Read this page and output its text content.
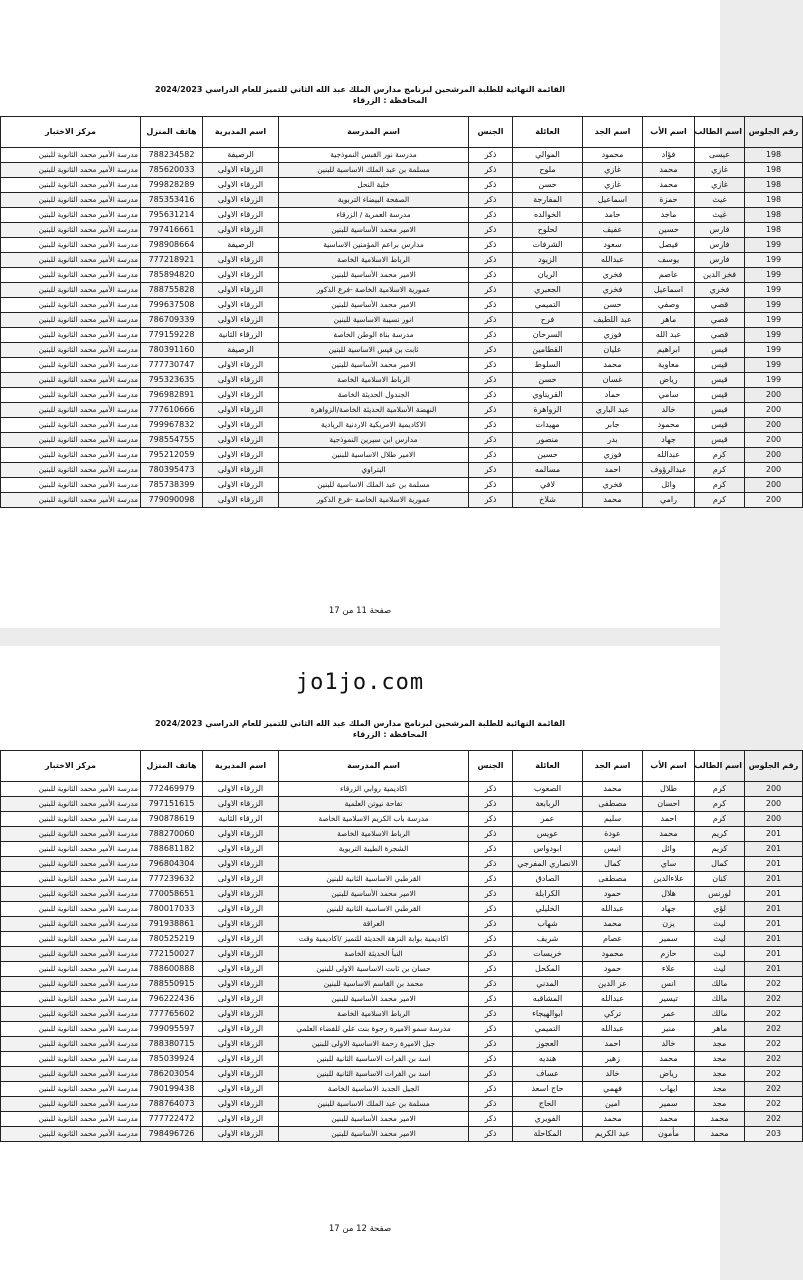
القائمة النهائية للطلبة المرشحين لبرنامج مدارس الملك عبد الله الثاني للتميز للعام الدراسي 2024/2023
المحافظة : الزرقاء
رقم الجلوس	اسم الطالب	اسم الأب	اسم الجد	العائلة	الجنس	اسم المدرسة	اسم المديرية	هاتف المنزل	مركز الاختبار
198	عيسى	فؤاد	محمود	الموالي	ذكر	مدرسة نور القبس النموذجية	الرصيفة	788234582	مدرسة الأمير محمد الثانوية للبنين
198	غازي	محمد	غازي	ملوح	ذكر	مسلمة بن عبد الملك الاساسية للبنين	الزرقاء الاولى	785620033	مدرسة الأمير محمد الثانوية للبنين
198	غازي	محمد	غازي	حسن	ذكر	خلية النحل	الزرقاء الاولى	799828289	مدرسة الأمير محمد الثانوية للبنين
198	غيث	حمزة	اسماعيل	المفارجة	ذكر	الصفحة البيضاء التربوية	الزرقاء الاولى	785353416	مدرسة الأمير محمد الثانوية للبنين
198	غيث	ماجد	حامد	الخوالده	ذكر	مدرسة العمرية / الزرقاء	الزرقاء الاولى	795631214	مدرسة الأمير محمد الثانوية للبنين
198	فارس	حسين	عفيف	لحلوح	ذكر	الامير محمد الأساسية للبنين	الزرقاء الاولى	797416661	مدرسة الأمير محمد الثانوية للبنين
199	فارس	فيصل	سعود	الشرفات	ذكر	مدارس براعم المؤمنين الاساسية	الرصيفة	798908664	مدرسة الأمير محمد الثانوية للبنين
199	فارس	يوسف	عبدالله	الزيود	ذكر	الرباط الاسلامية الخاصة	الزرقاء الاولى	777218921	مدرسة الأمير محمد الثانوية للبنين
199	فخر الدين	عاصم	فخري	الريان	ذكر	الامير محمد الأساسية للبنين	الزرقاء الاولى	785894820	مدرسة الأمير محمد الثانوية للبنين
199	فخري	اسماعيل	فخري	الجعبري	ذكر	عمورية الاسلامية الخاصة -فرع الذكور	الزرقاء الاولى	788755828	مدرسة الأمير محمد الثانوية للبنين
199	قصي	وصفي	حسن	التميمي	ذكر	الامير محمد الأساسية للبنين	الزرقاء الاولى	799637508	مدرسة الأمير محمد الثانوية للبنين
199	قصي	ماهر	عبد اللطيف	فرح	ذكر	انور نسيبة الاساسية للبنين	الزرقاء الاولى	786709339	مدرسة الأمير محمد الثانوية للبنين
199	قصي	عبد الله	فوزي	السرحان	ذكر	مدرسة بناة الوطن الخاصة	الزرقاء الثانية	779159228	مدرسة الأمير محمد الثانوية للبنين
199	قيس	ابراهيم	عليان	القطامين	ذكر	ثابت بن قيس الاساسية للبنين	الرصيفة	780391160	مدرسة الأمير محمد الثانوية للبنين
199	قيس	معاوية	محمد	السلوط	ذكر	الامير محمد الأساسية للبنين	الزرقاء الاولى	777730747	مدرسة الأمير محمد الثانوية للبنين
199	قيس	رياض	غسان	حسن	ذكر	الرباط الاسلامية الخاصة	الزرقاء الاولى	795323635	مدرسة الأمير محمد الثانوية للبنين
200	قيس	سامي	حماد	القريناوي	ذكر	الجندول الحديثة الخاصة	الزرقاء الاولى	796982891	مدرسة الأمير محمد الثانوية للبنين
200	قيس	خالد	عبد الباري	الزواهرة	ذكر	النهضة الأسلامية الحديثة الخاصة/الزواهرة	الزرقاء الاولى	777610666	مدرسة الأمير محمد الثانوية للبنين
200	قيس	محمود	جابر	مهيدات	ذكر	الاكاديمية الامريكية الاردنية الريادية	الزرقاء الاولى	799967832	مدرسة الأمير محمد الثانوية للبنين
200	قيس	جهاد	بدر	منصور	ذكر	مدارس ابن سيرين النموذجية	الزرقاء الاولى	798554755	مدرسة الأمير محمد الثانوية للبنين
200	كرم	عبدالله	فوزي	حسين	ذكر	الامير طلال الاساسية للبنين	الزرقاء الاولى	795212059	مدرسة الأمير محمد الثانوية للبنين
200	كرم	عبدالرؤوف	احمد	مسالمه	ذكر	البتراوي	الزرقاء الاولى	780395473	مدرسة الأمير محمد الثانوية للبنين
200	كرم	وائل	فخري	لافي	ذكر	مسلمة بن عبد الملك الاساسية للبنين	الزرقاء الاولى	785738399	مدرسة الأمير محمد الثانوية للبنين
200	كرم	رامي	محمد	شلاخ	ذكر	عمورية الاسلامية الخاصة -فرع الذكور	الزرقاء الاولى	779090098	مدرسة الأمير محمد الثانوية للبنين
صفحة 11 من 17
jo1jo.com
القائمة النهائية للطلبة المرشحين لبرنامج مدارس الملك عبد الله الثاني للتميز للعام الدراسي 2024/2023
المحافظة : الزرقاء
رقم الجلوس	اسم الطالب	اسم الأب	اسم الجد	العائلة	الجنس	اسم المدرسة	اسم المديرية	هاتف المنزل	مركز الاختبار
200	كرم	طلال	محمد	الصعوب	ذكر	اكاديمية روابي الزرقاء	الزرقاء الاولى	772469979	مدرسة الأمير محمد الثانوية للبنين
200	كرم	احسان	مصطفى	الربابعة	ذكر	تفاحة نيوتن العلمية	الزرقاء الاولى	797151615	مدرسة الأمير محمد الثانوية للبنين
200	كرم	احمد	سليم	عمر	ذكر	مدرسة باب الكريم الاسلامية الخاصة	الزرقاء الثانية	790878619	مدرسة الأمير محمد الثانوية للبنين
201	كريم	محمد	عودة	عويس	ذكر	الرباط الاسلامية الخاصة	الزرقاء الاولى	788270060	مدرسة الأمير محمد الثانوية للبنين
201	كريم	وائل	انيس	ابودواس	ذكر	الشجرة الطيبة التربوية	الزرقاء الاولى	788681182	مدرسة الأمير محمد الثانوية للبنين
201	كمال	ساي	كمال	الانصاري المفرجي	ذكر		الزرقاء الاولى	796804304	مدرسة الأمير محمد الثانوية للبنين
201	كنان	علاءالدين	مصطفى	الصادق	ذكر	القرطبي الاساسية الثانية للبنين	الزرقاء الاولى	777239632	مدرسة الأمير محمد الثانوية للبنين
201	لورنس	هلال	حمود	الكرابلة	ذكر	الامير محمد الأساسية للبنين	الزرقاء الاولى	770058651	مدرسة الأمير محمد الثانوية للبنين
201	لؤي	جهاد	عبدالله	الخليلي	ذكر	القرطبي الاساسية الثانية للبنين	الزرقاء الاولى	780017033	مدرسة الأمير محمد الثانوية للبنين
201	ليث	يزن	محمد	شهاب	ذكر	العراقة	الزرقاء الاولى	791938861	مدرسة الأمير محمد الثانوية للبنين
201	ليث	سمير	عصام	شريف	ذكر	اكاديمية بوابة النزهة الحديثة للتميز /اكاديمية وقت	الزرقاء الاولى	780525219	مدرسة الأمير محمد الثانوية للبنين
201	ليث	حازم	محمود	خريسات	ذكر	النبأ الحديثة الخاصة	الزرقاء الاولى	772150027	مدرسة الأمير محمد الثانوية للبنين
201	ليث	علاء	حمود	المكحل	ذكر	حسان بن ثابت الاساسية الاولى للبنين	الزرقاء الاولى	788600888	مدرسة الأمير محمد الثانوية للبنين
202	مالك	انس	عز الدين	المدني	ذكر	محمد بن القاسم الاساسية للبنين	الزرقاء الاولى	788550915	مدرسة الأمير محمد الثانوية للبنين
202	مالك	تيسير	عبدالله	المشاقبه	ذكر	الامير محمد الأساسية للبنين	الزرقاء الاولى	796222436	مدرسة الأمير محمد الثانوية للبنين
202	مالك	عمر	تركي	ابوالهيجاء	ذكر	الرباط الاسلامية الخاصة	الزرقاء الاولى	777765602	مدرسة الأمير محمد الثانوية للبنين
202	ماهر	منير	عبدالله	التميمي	ذكر	مدرسة سمو الاميرة رجوة بنت علي للفضاء العلمي	الزرقاء الاولى	799095597	مدرسة الأمير محمد الثانوية للبنين
202	مجد	خالد	احمد	العجوز	ذكر	جبل الاميرة رحمة الاساسية الاولى للبنين	الزرقاء الاولى	788380715	مدرسة الأمير محمد الثانوية للبنين
202	مجد	محمد	زهير	هنديه	ذكر	اسد بن الفرات الاساسية الثانية للبنين	الزرقاء الاولى	785039924	مدرسة الأمير محمد الثانوية للبنين
202	مجد	رياض	خالد	عساف	ذكر	اسد بن الفرات الاساسية الثانية للبنين	الزرقاء الاولى	786203054	مدرسة الأمير محمد الثانوية للبنين
202	مجد	ايهاب	فهمي	حاج اسعد	ذكر	الجيل الجديد الاساسية الخاصة	الزرقاء الاولى	790199438	مدرسة الأمير محمد الثانوية للبنين
202	مجد	سمير	امين	الحاج	ذكر	مسلمة بن عبد الملك الاساسية للبنين	الزرقاء الاولى	788764073	مدرسة الأمير محمد الثانوية للبنين
202	محمد	محمد	محمد	الفويري	ذكر	الامير محمد الأساسية للبنين	الزرقاء الاولى	777722472	مدرسة الأمير محمد الثانوية للبنين
203	محمد	مأمون	عبد الكريم	المكاحلة	ذكر	الامير محمد الأساسية للبنين	الزرقاء الاولى	798496726	مدرسة الأمير محمد الثانوية للبنين
صفحة 12 من 17
